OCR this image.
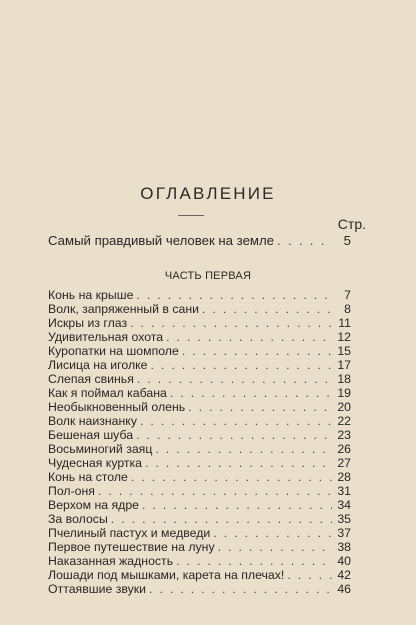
ОГЛАВЛЕНИЕ
Стр.
Самый правдивый человек на земле . . .	5
ЧАСТЬ ПЕРВАЯ
Конь на крыше . . .	7
Волк, запряженный в сани . . .	8
Искры из глаз . . .	11
Удивительная охота . . .	12
Куропатки на шомполе . . .	15
Лисица на иголке . . .	17
Слепая свинья . . .	18
Как я поймал кабана . . .	19
Необыкновенный олень . . .	20
Волк наизнанку . . .	22
Бешеная шуба . . .	23
Восьминогий заяц . . .	26
Чудесная куртка . . .	27
Конь на столе . . .	28
Пол-оня . . .	31
Верхом на ядре . . .	34
За волосы . . .	35
Пчелиный пастух и медведи . . .	37
Первое путешествие на луну . . .	38
Наказанная жадность . . .	40
Лошади под мышками, карета на плечах! . . .	42
Оттаявшие звуки . . .	46
